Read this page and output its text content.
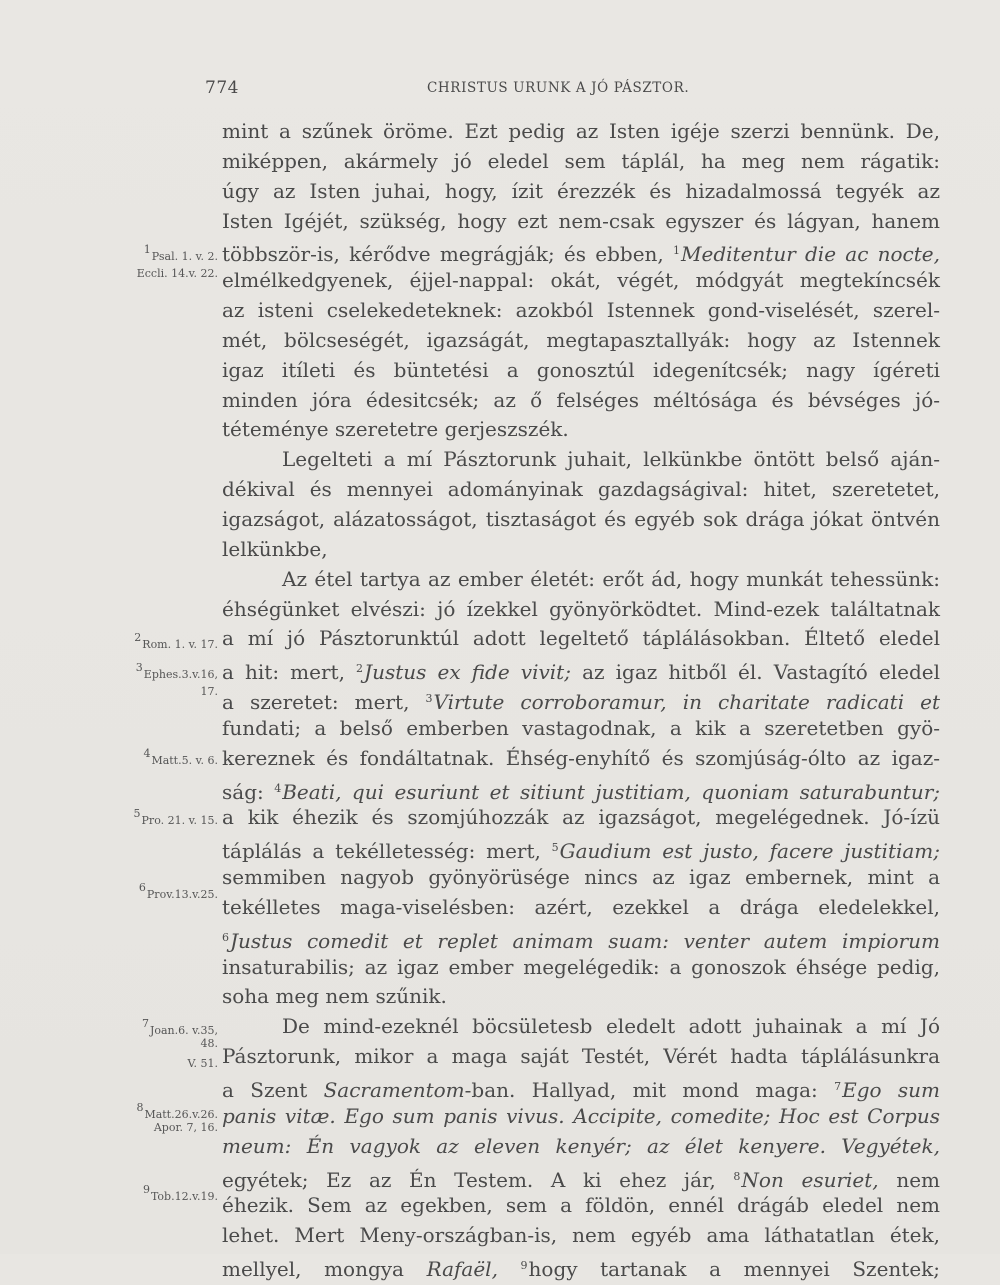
774	CHRISTUS URUNK A JÓ PÁSZTOR.
mint a szűnek öröme. Ezt pedig az Isten igéje szerzi bennünk. De,
miképpen, akármely jó eledel sem táplál, ha meg nem rágatik:
úgy az Isten juhai, hogy, ízit érezzék és hizadalmossá tegyék az
Isten Igéjét, szükség, hogy ezt nem-csak egyszer és lágyan, hanem
többször-is, kérődve megrágják; és ebben, $^1$Meditentur die ac nocte,
elmélkedgyenek, éjjel-nappal: okát, végét, módgyát megtekíncsék
az isteni cselekedeteknek: azokból Istennek gond-viselését, szerel-
mét, bölcseségét, igazságát, megtapasztallyák: hogy az Istennek
igaz itíleti és büntetési a gonosztúl idegenítcsék; nagy ígéreti
minden jóra édesitcsék; az ő felséges méltósága és bévséges jó-
téteménye szeretetre gerjeszszék.
Legelteti a mí Pásztorunk juhait, lelkünkbe öntött belső aján-
dékival és mennyei adományinak gazdagságival: hitet, szeretetet,
igazságot, alázatosságot, tisztaságot és egyéb sok drága jókat öntvén
lelkünkbe,
Az étel tartya az ember életét: erőt ád, hogy munkát tehessünk:
éhségünket elvészi: jó ízekkel gyönyörködtet. Mind-ezek találtatnak
a mí jó Pásztorunktúl adott legeltető táplálásokban. Éltető eledel
a hit: mert, $^2$Justus ex fide vivit; az igaz hitből él. Vastagító eledel
a szeretet: mert, $^3$Virtute corroboramur, in charitate radicati et
fundati; a belső emberben vastagodnak, a kik a szeretetben gyö-
kereznek és fondáltatnak. Éhség-enyhítő és szomjúság-ólto az igaz-
ság: $^4$Beati, qui esuriunt et sitiunt justitiam, quoniam saturabuntur;
a kik éhezik és szomjúhozzák az igazságot, megelégednek. Jó-ízü
táplálás a tekélletesség: mert, $^5$Gaudium est justo, facere justitiam;
semmiben nagyob gyönyörüsége nincs az igaz embernek, mint a
tekélletes maga-viselésben: azért, ezekkel a drága eledelekkel,
$^6$Justus comedit et replet animam suam: venter autem impiorum
insaturabilis; az igaz ember megelégedik: a gonoszok éhsége pedig,
soha meg nem szűnik.
De mind-ezeknél böcsületesb eledelt adott juhainak a mí Jó
Pásztorunk, mikor a maga saját Testét, Vérét hadta táplálásunkra
a Szent Sacramentom-ban. Hallyad, mit mond maga: $^7$Ego sum
panis vitæ. Ego sum panis vivus. Accipite, comedite; Hoc est Corpus
meum: Én vagyok az eleven kenyér; az élet kenyere. Vegyétek,
egyétek; Ez az Én Testem. A ki ehez jár, $^8$Non esuriet, nem
éhezik. Sem az egekben, sem a földön, ennél drágáb eledel nem
lehet. Mert Meny-országban-is, nem egyéb ama láthatatlan étek,
mellyel, mongya Rafaël, $^9$hogy tartanak a mennyei Szentek;
1Psal. 1. v. 2.
Eccli. 14.v. 22.
2Rom. 1. v. 17.
3Ephes.3.v.16,
17.
4Matt.5. v. 6.
5Pro. 21. v. 15.
6Prov.13.v.25.
7Joan.6. v.35,
48.
V. 51.
8Matt.26.v.26.
Apor. 7, 16.
9Tob.12.v.19.
